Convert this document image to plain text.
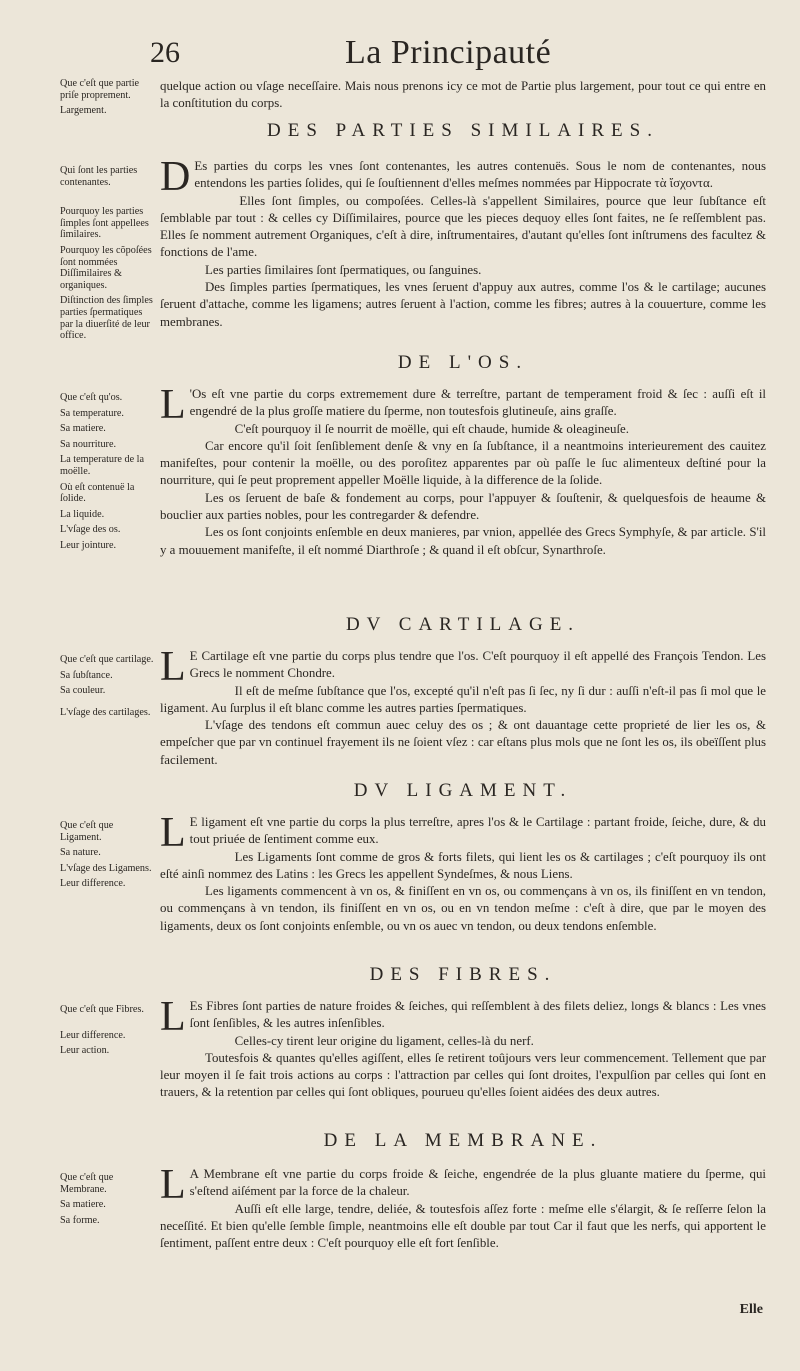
26	La Principauté

Que c'eſt que partie priſe proprement.

Largement.

quelque action ou vſage neceſſaire. Mais nous prenons icy ce mot de Partie plus largement, pour tout ce qui entre en la conſtitution du corps.

DES PARTIES SIMILAIRES.

Qui ſont les parties contenantes.

Pourquoy les parties ſimples ſont appellees ſimilaires.

Pourquoy les cõpoſées ſont nommées Diſſimilaires & organiques.

Diſtinction des ſimples parties ſpermatiques par la diuerſité de leur office.

D Es parties du corps les vnes ſont contenantes, les autres contenuës. Sous le nom de contenantes, nous entendons les parties ſolides, qui ſe ſouſtiennent d'elles meſmes nommées par Hippocrate τὰ ἴσχοντα.

Elles ſont ſimples, ou compoſées. Celles-là s'appellent Similaires, pource que leur ſubſtance eſt ſemblable par tout : & celles cy Diſſimilaires, pource que les pieces dequoy elles ſont faites, ne ſe reſſemblent pas. Elles ſe nomment autrement Organiques, c'eſt à dire, inſtrumentaires, d'autant qu'elles ſont inſtrumens des facultez & fonctions de l'ame.

Les parties ſimilaires ſont ſpermatiques, ou ſanguines.

Des ſimples parties ſpermatiques, les vnes ſeruent d'appuy aux autres, comme l'os & le cartilage; aucunes ſeruent d'attache, comme les ligamens; autres ſeruent à l'action, comme les fibres; autres à la couuerture, comme les membranes.

DE L'OS.

Que c'eſt qu'os.

Sa temperature.

Sa matiere.

Sa nourriture.

La temperature de la moëlle.

Où eſt contenuë la ſolide.

La liquide.

L'vſage des os.

Leur jointure.

L 'Os eſt vne partie du corps extremement dure & terreſtre, partant de temperament froid & ſec : auſſi eſt il engendré de la plus groſſe matiere du ſperme, non toutesfois glutineuſe, ains graſſe.

C'eſt pourquoy il ſe nourrit de moëlle, qui eſt chaude, humide & oleagineuſe.

Car encore qu'il ſoit ſenſiblement denſe & vny en ſa ſubſtance, il a neantmoins interieurement des cauitez manifeſtes, pour contenir la moëlle, ou des poroſitez apparentes par où paſſe le ſuc alimenteux deſtiné pour la nourriture, qui ſe peut proprement appeller Moëlle liquide, à la difference de la ſolide.

Les os ſeruent de baſe & fondement au corps, pour l'appuyer & ſouſtenir, & quelquesfois de heaume & bouclier aux parties nobles, pour les contregarder & defendre.

Les os ſont conjoints enſemble en deux manieres, par vnion, appellée des Grecs Symphyſe, & par article. S'il y a mouuement manifeſte, il eſt nommé Diarthroſe ; & quand il eſt obſcur, Synarthroſe.

DV CARTILAGE.

Que c'eſt que cartilage.

Sa ſubſtance.

Sa couleur.

L'vſage des cartilages.

L E Cartilage eſt vne partie du corps plus tendre que l'os. C'eſt pourquoy il eſt appellé des François Tendon. Les Grecs le nomment Chondre.

Il eſt de meſme ſubſtance que l'os, excepté qu'il n'eſt pas ſi ſec, ny ſi dur : auſſi n'eſt-il pas ſi mol que le ligament. Au ſurplus il eſt blanc comme les autres parties ſpermatiques.

L'vſage des tendons eſt commun auec celuy des os ; & ont dauantage cette proprieté de lier les os, & empeſcher que par vn continuel frayement ils ne ſoient vſez : car eſtans plus mols que ne ſont les os, ils obeïſſent plus facilement.

DV LIGAMENT.

Que c'eſt que Ligament.

Sa nature.

L'vſage des Ligamens.

Leur difference.

L E ligament eſt vne partie du corps la plus terreſtre, apres l'os & le Cartilage : partant froide, ſeiche, dure, & du tout priuée de ſentiment comme eux.

Les Ligaments ſont comme de gros & forts filets, qui lient les os & cartilages ; c'eſt pourquoy ils ont eſté ainſi nommez des Latins : les Grecs les appellent Syndeſmes, & nous Liens.

Les ligaments commencent à vn os, & finiſſent en vn os, ou commençans à vn os, ils finiſſent en vn tendon, ou commençans à vn tendon, ils finiſſent en vn os, ou en vn tendon meſme : c'eſt à dire, que par le moyen des ligaments, deux os ſont conjoints enſemble, ou vn os auec vn tendon, ou deux tendons enſemble.

DES FIBRES.

Que c'eſt que Fibres.

Leur difference.

Leur action.

L Es Fibres ſont parties de nature froides & ſeiches, qui reſſemblent à des filets deliez, longs & blancs : Les vnes ſont ſenſibles, & les autres inſenſibles.

Celles-cy tirent leur origine du ligament, celles-là du nerf.

Toutesfois & quantes qu'elles agiſſent, elles ſe retirent toûjours vers leur commencement. Tellement que par leur moyen il ſe fait trois actions au corps : l'attraction par celles qui ſont droites, l'expulſion par celles qui ſont en trauers, & la retention par celles qui ſont obliques, pourueu qu'elles ſoient aidées des deux autres.

DE LA MEMBRANE.

Que c'eſt que Membrane.

Sa matiere.

Sa forme.

L A Membrane eſt vne partie du corps froide & ſeiche, engendrée de la plus gluante matiere du ſperme, qui s'eſtend aiſément par la force de la chaleur.

Auſſi eſt elle large, tendre, deliée, & toutesfois aſſez forte : meſme elle s'élargit, & ſe reſſerre ſelon la neceſſité. Et bien qu'elle ſemble ſimple, neantmoins elle eſt double par tout Car il faut que les nerfs, qui apportent le ſentiment, paſſent entre deux : C'eſt pourquoy elle eſt fort ſenſible.

Elle
